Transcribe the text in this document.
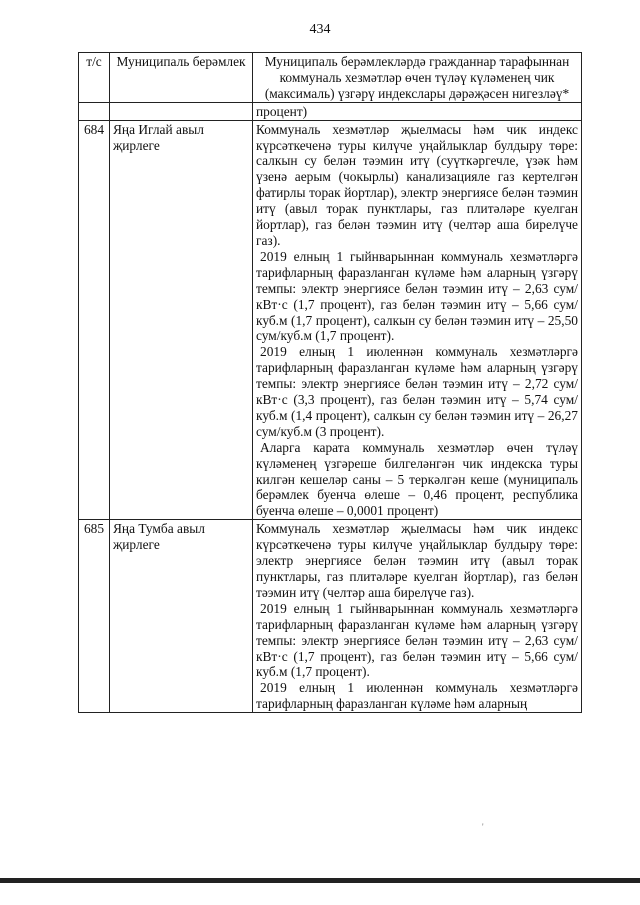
434
т/с	Муниципаль берәмлек	Муниципаль берәмлекләрдә гражданнар тарафыннан коммуналь хезмәтләр өчен түләү күләменең чик (максималь) үзгәрү индекслары дәрәҗәсен нигезләү*
		процент)
684	Яңа Иглай авыл җирлеге	Коммуналь хезмәтләр җыелмасы һәм чик индекс күрсәткеченә туры килүче уңайлыклар булдыру төре: салкын су белән тәэмин итү (суүткәргечле, үзәк һәм үзенә аерым (чокырлы) канализацияле газ кертелгән фатирлы торак йортлар), электр энергиясе белән тәэмин итү (авыл торак пунктлары, газ плитәләре куелган йортлар), газ белән тәэмин итү (челтәр аша бирелүче газ).

2019 елның 1 гыйнварыннан коммуналь хезмәтләргә тарифларның фаразланган күләме һәм аларның үзгәрү темпы: электр энергиясе белән тәэмин итү – 2,63 сум/кВт·с (1,7 процент), газ белән тәэмин итү – 5,66 сум/куб.м (1,7 процент), салкын су белән тәэмин итү – 25,50 сум/куб.м (1,7 процент).

2019 елның 1 июленнән коммуналь хезмәтләргә тарифларның фаразланган күләме һәм аларның үзгәрү темпы: электр энергиясе белән тәэмин итү – 2,72 сум/кВт·с (3,3 процент), газ белән тәэмин итү – 5,74 сум/куб.м (1,4 процент), салкын су белән тәэмин итү – 26,27 сум/куб.м (3 процент).

Аларга карата коммуналь хезмәтләр өчен түләү күләменең үзгәреше билгеләнгән чик индекска туры килгән кешеләр саны – 5 теркәлгән кеше (муниципаль берәмлек буенча өлеше – 0,46 процент, республика буенча өлеше – 0,0001 процент)

685	Яңа Тумба авыл җирлеге	Коммуналь хезмәтләр җыелмасы һәм чик индекс күрсәткеченә туры килүче уңайлыклар булдыру төре: электр энергиясе белән тәэмин итү (авыл торак пунктлары, газ плитәләре куелган йортлар), газ белән тәэмин итү (челтәр аша бирелүче газ).

2019 елның 1 гыйнварыннан коммуналь хезмәтләргә тарифларның фаразланган күләме һәм аларның үзгәрү темпы: электр энергиясе белән тәэмин итү – 2,63 сум/кВт·с (1,7 процент), газ белән тәэмин итү – 5,66 сум/куб.м (1,7 процент).

2019 елның 1 июленнән коммуналь хезмәтләргә тарифларның фаразланган күләме һәм аларның

'
